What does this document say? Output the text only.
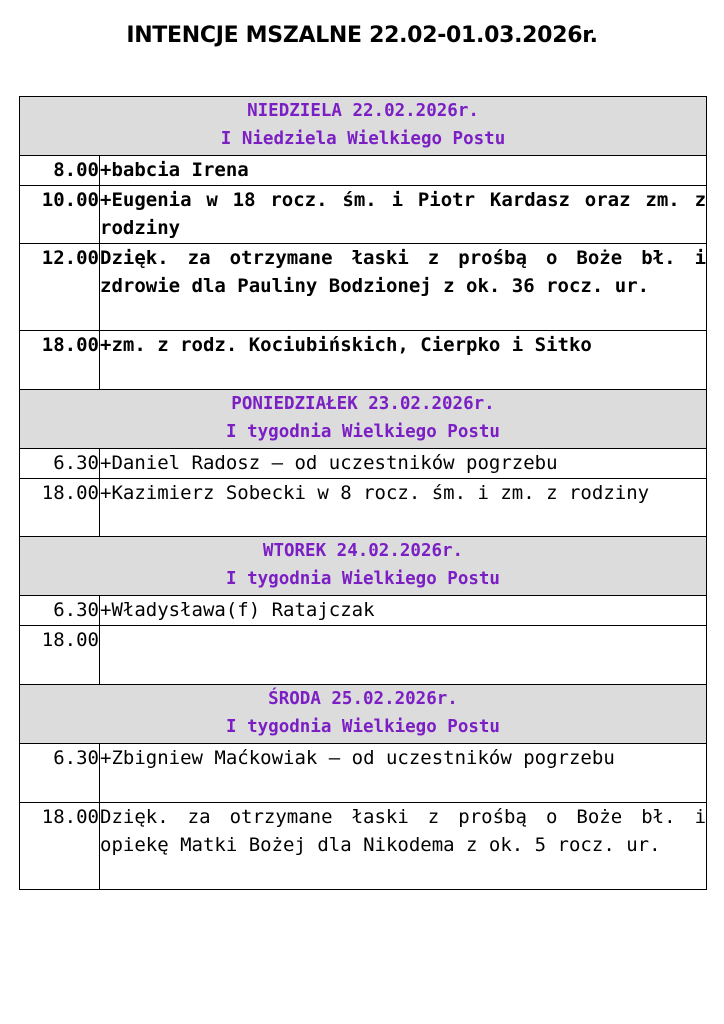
INTENCJE MSZALNE 22.02-01.03.2026r.
NIEDZIELA 22.02.2026r.
I Niedziela Wielkiego Postu	

8.00	+babcia Irena
10.00	+Eugenia w 18 rocz. śm. i Piotr Kardasz oraz zm. z rodziny
12.00	Dzięk. za otrzymane łaski z prośbą o Boże bł. i zdrowie dla Pauliny Bodzionej z ok. 36 rocz. ur.
18.00	+zm. z rodz. Kociubińskich, Cierpko i Sitko

PONIEDZIAŁEK 23.02.2026r.
I tygodnia Wielkiego Postu	

6.30	+Daniel Radosz – od uczestników pogrzebu
18.00	+Kazimierz Sobecki w 8 rocz. śm. i zm. z rodziny

WTOREK 24.02.2026r.
I tygodnia Wielkiego Postu	

6.30	+Władysława(f) Ratajczak
18.00	

ŚRODA 25.02.2026r.
I tygodnia Wielkiego Postu	

6.30	+Zbigniew Maćkowiak – od uczestników pogrzebu
18.00	Dzięk. za otrzymane łaski z prośbą o Boże bł. i opiekę Matki Bożej dla Nikodema z ok. 5 rocz. ur.
